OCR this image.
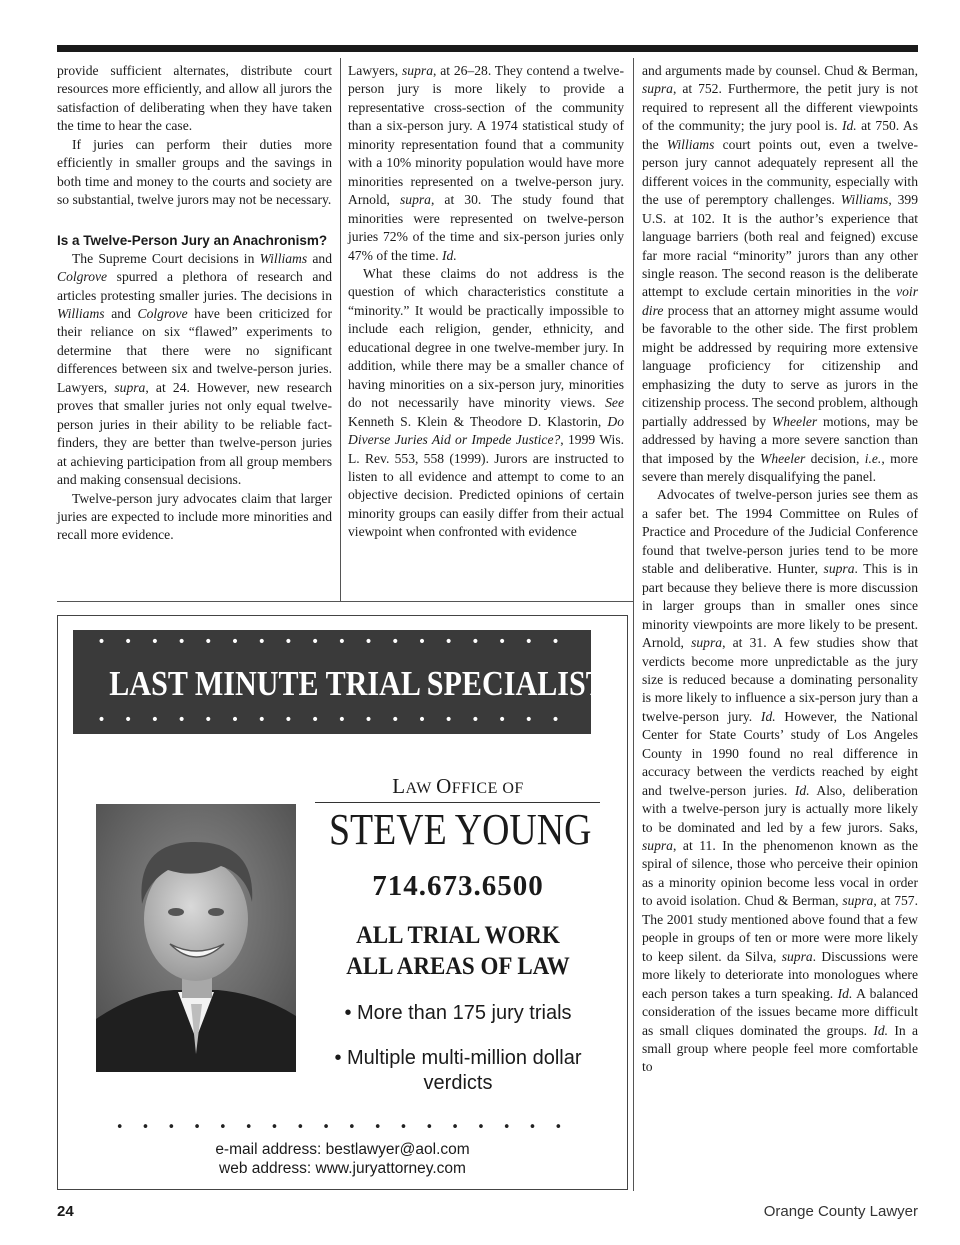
provide sufficient alternates, distribute court resources more efficiently, and allow all jurors the satisfaction of deliberating when they have taken the time to hear the case.

If juries can perform their duties more efficiently in smaller groups and the savings in both time and money to the courts and society are so substantial, twelve jurors may not be necessary.

Is a Twelve-Person Jury an Anachronism?

The Supreme Court decisions in Williams and Colgrove spurred a plethora of research and articles protesting smaller juries. The decisions in Williams and Colgrove have been criticized for their reliance on six “flawed” experiments to determine that there were no significant differences between six and twelve-person juries. Lawyers, supra, at 24. However, new research proves that smaller juries not only equal twelve-person juries in their ability to be reliable fact-finders, they are better than twelve-person juries at achieving participation from all group members and making consensual decisions.

Twelve-person jury advocates claim that larger juries are expected to include more minorities and recall more evidence.

Lawyers, supra, at 26–28. They contend a twelve-person jury is more likely to provide a representative cross-section of the community than a six-person jury. A 1974 statistical study of minority representation found that a community with a 10% minority population would have more minorities represented on a twelve-person jury. Arnold, supra, at 30. The study found that minorities were represented on twelve-person juries 72% of the time and six-person juries only 47% of the time. Id.

What these claims do not address is the question of which characteristics constitute a “minority.” It would be practically impossible to include each religion, gender, ethnicity, and educational degree in one twelve-member jury. In addition, while there may be a smaller chance of having minorities on a six-person jury, minorities do not necessarily have minority views. See Kenneth S. Klein & Theodore D. Klastorin, Do Diverse Juries Aid or Impede Justice?, 1999 Wis. L. Rev. 553, 558 (1999). Jurors are instructed to listen to all evidence and attempt to come to an objective decision. Predicted opinions of certain minority groups can easily differ from their actual viewpoint when confronted with evidence

and arguments made by counsel. Chud & Berman, supra, at 752. Furthermore, the petit jury is not required to represent all the different viewpoints of the community; the jury pool is. Id. at 750. As the Williams court points out, even a twelve-person jury cannot adequately represent all the different voices in the community, especially with the use of peremptory challenges. Williams, 399 U.S. at 102. It is the author’s experience that language barriers (both real and feigned) excuse far more racial “minority” jurors than any other single reason. The second reason is the deliberate attempt to exclude certain minorities in the voir dire process that an attorney might assume would be favorable to the other side. The first problem might be addressed by requiring more extensive language proficiency for citizenship and emphasizing the duty to serve as jurors in the citizenship process. The second problem, although partially addressed by Wheeler motions, may be addressed by having a more severe sanction than that imposed by the Wheeler decision, i.e., more severe than merely disqualifying the panel.

Advocates of twelve-person juries see them as a safer bet. The 1994 Committee on Rules of Practice and Procedure of the Judicial Conference found that twelve-person juries tend to be more stable and deliberative. Hunter, supra. This is in part because they believe there is more discussion in larger groups than in smaller ones since minority viewpoints are more likely to be present. Arnold, supra, at 31. A few studies show that verdicts become more unpredictable as the jury size is reduced because a dominating personality is more likely to influence a six-person jury than a twelve-person jury. Id. However, the National Center for State Courts’ study of Los Angeles County in 1990 found no real difference in accuracy between the verdicts reached by eight and twelve-person juries. Id. Also, deliberation with a twelve-person jury is actually more likely to be dominated and led by a few jurors. Saks, supra, at 11. In the phenomenon known as the spiral of silence, those who perceive their opinion as a minority opinion become less vocal in order to avoid isolation. Chud & Berman, supra, at 757. The 2001 study mentioned above found that a few people in groups of ten or more were more likely to keep silent. da Silva, supra. Discussions were more likely to deteriorate into monologues where each person takes a turn speaking. Id. A balanced consideration of the issues became more difficult as small cliques dominated the groups. Id. In a small group where people feel more comfortable to

• • • • • • • • • • • • • • • • • •
LAST MINUTE TRIAL SPECIALIST
• • • • • • • • • • • • • • • • • •
LAW OFFICE OF
STEVE YOUNG
714.673.6500
ALL TRIAL WORK
ALL AREAS OF LAW
• More than 175 jury trials
• Multiple multi-million dollar verdicts
• • • • • • • • • • • • • • • • • •
e-mail address: bestlawyer@aol.com
web address: www.juryattorney.com
24	Orange County Lawyer
